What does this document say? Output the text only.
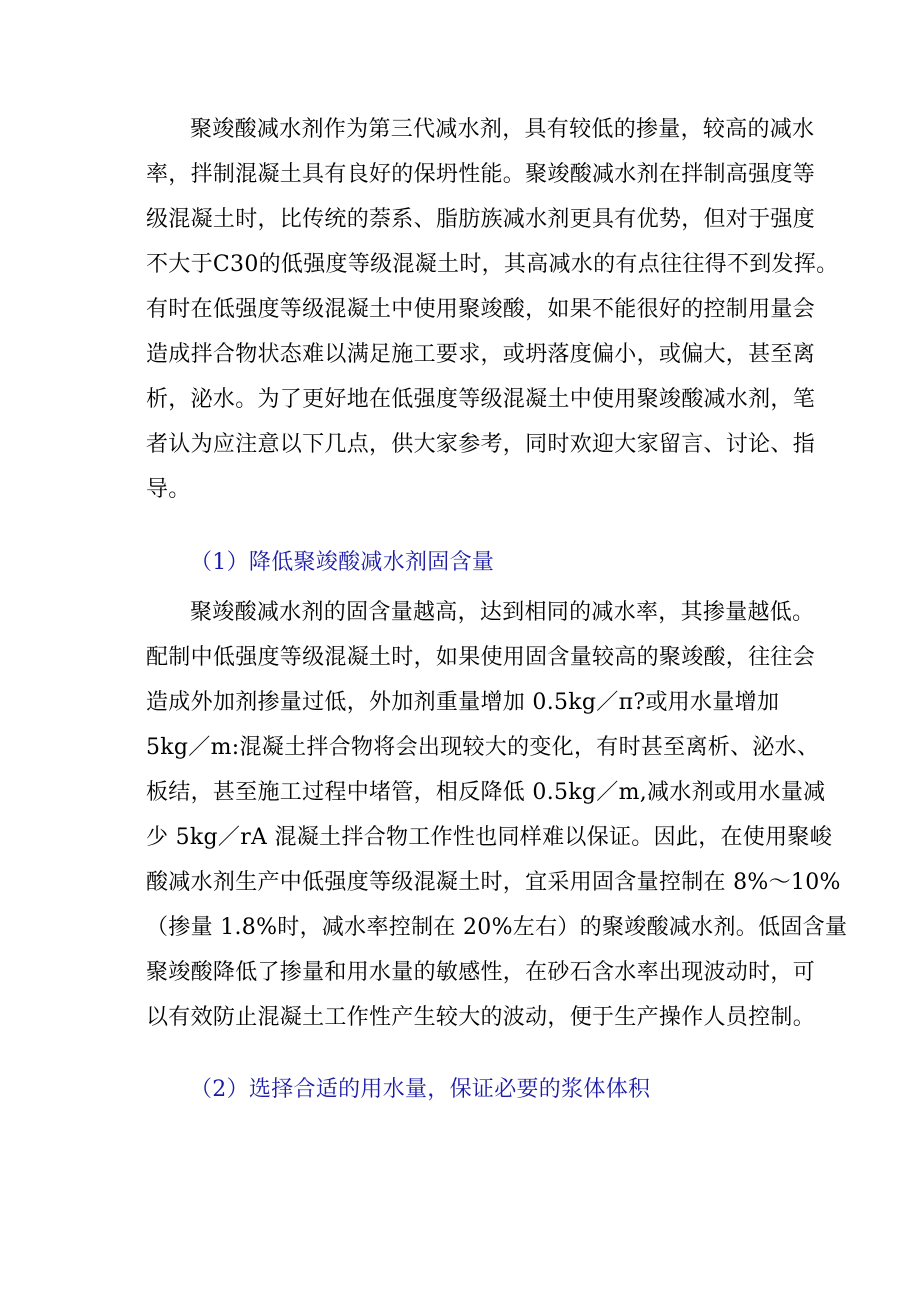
聚竣酸减水剂作为第三代减水剂，具有较低的掺量，较高的减水
率，拌制混凝土具有良好的保坍性能。聚竣酸减水剂在拌制高强度等
级混凝土时，比传统的萘系、脂肪族减水剂更具有优势，但对于强度
不大于C30的低强度等级混凝土时，其高减水的有点往往得不到发挥。
有时在低强度等级混凝土中使用聚竣酸，如果不能很好的控制用量会
造成拌合物状态难以满足施工要求，或坍落度偏小，或偏大，甚至离
析，泌水。为了更好地在低强度等级混凝土中使用聚竣酸减水剂，笔
者认为应注意以下几点，供大家参考，同时欢迎大家留言、讨论、指
导。
（1）降低聚竣酸减水剂固含量
聚竣酸减水剂的固含量越高，达到相同的减水率，其掺量越低。
配制中低强度等级混凝土时，如果使用固含量较高的聚竣酸，往往会
造成外加剂掺量过低，外加剂重量增加 0.5kg／π?或用水量增加
5kg／m:混凝土拌合物将会出现较大的变化，有时甚至离析、泌水、
板结，甚至施工过程中堵管，相反降低 0.5kg／m,减水剂或用水量减
少 5kg／rA 混凝土拌合物工作性也同样难以保证。因此，在使用聚峻
酸减水剂生产中低强度等级混凝土时，宜采用固含量控制在 8%～10%
（掺量 1.8%时，减水率控制在 20%左右）的聚竣酸减水剂。低固含量
聚竣酸降低了掺量和用水量的敏感性，在砂石含水率出现波动时，可
以有效防止混凝土工作性产生较大的波动，便于生产操作人员控制。
（2）选择合适的用水量，保证必要的浆体体积
